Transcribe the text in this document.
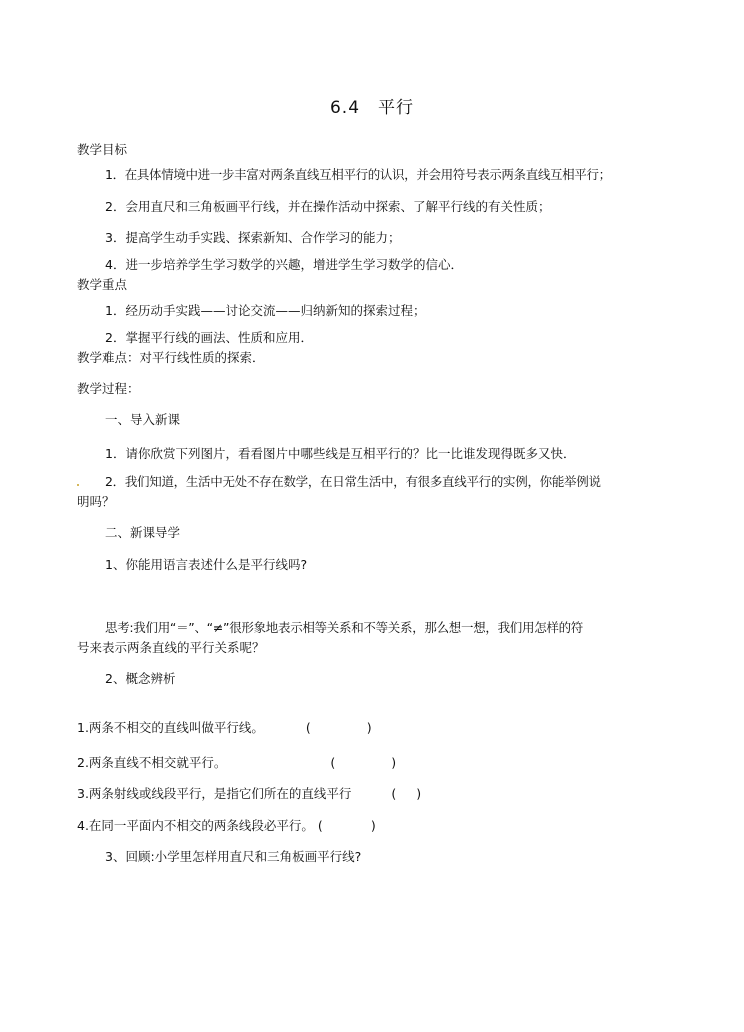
6.4 平行
教学目标
1．在具体情境中进一步丰富对两条直线互相平行的认识，并会用符号表示两条直线互相平行；
2．会用直尺和三角板画平行线，并在操作活动中探索、了解平行线的有关性质；
3．提高学生动手实践、探索新知、合作学习的能力；
4．进一步培养学生学习数学的兴趣，增进学生学习数学的信心．
教学重点
1．经历动手实践——讨论交流——归纳新知的探索过程；
2．掌握平行线的画法、性质和应用．
教学难点：对平行线性质的探索．
教学过程：
一、导入新课
1．请你欣赏下列图片，看看图片中哪些线是互相平行的？比一比谁发现得既多又快．
2．我们知道，生活中无处不存在数学，在日常生活中，有很多直线平行的实例，你能举例说
明吗？
二、新课导学
1、你能用语言表述什么是平行线吗?
思考:我们用“＝”、“≠”很形象地表示相等关系和不等关系，那么想一想，我们用怎样的符
号来表示两条直线的平行关系呢？
2、概念辨析
1.两条不相交的直线叫做平行线。	(	)
2.两条直线不相交就平行。	(	)
3.两条射线或线段平行，是指它们所在的直线平行	( )
4.在同一平面内不相交的两条线段必平行。 (	)
3、回顾:小学里怎样用直尺和三角板画平行线?
